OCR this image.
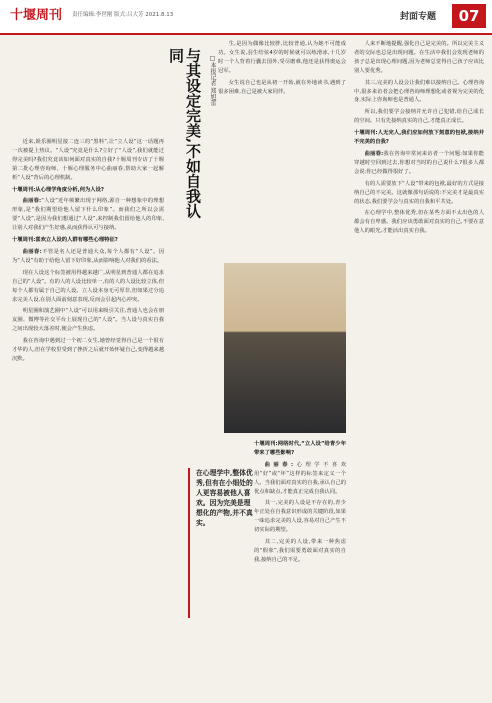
十堰周刊	责任编辑:李世刚 版式:吕大芳 2021.8.13	封面专题	07
与其设定完美,不如自我认同	□本报记者 郑旭蕾

近来,娱乐圈明星接二连三的“黑料”,让“立人设”这一话题再一次被提上热议。“人设”究竟是什么?立好了“人设”,我们就能过得完美吗?我们究竟该如何面对真实的自我?十堰周刊专访了十堰第二批心理咨询师、十堰心理服务中心曲丽春,帮助大家一起解析“人设”背后的心理机制。

十堰周刊:从心理学角度分析,何为人设?

曲丽春:“人设”近年频繁出现于网络,源自一种想象中的理想形象,是“我们期望给他人留下什么印象”。而我们之所以会需要“人设”,是因为我们想通过“人设”,来控制我们留给他人的印象,让别人对我们产生好感,从而获得认可与接纳。

十堰周刊:喜欢立人设的人群有哪些心理特征?

曲丽春:不管是名人还是普通大众,每个人都有“人设”。因为“人设”有助于给他人留下好印象,从而影响他人对我们的看法。

现在人设这个标签被用得越来越广,从明星到普通人都在追求自己的“人设”。有的人的人设比较单一,有的人的人设比较立体,但每个人都有属于自己的人设。立人设本身无可厚非,但如果过分追求完美人设,在别人面前刻意表现,反而会引起内心冲突。

明星圈和演艺圈中“人设”可以用来吸引关注,普通人也会在朋友圈、微博等社交平台上展现自己的“人设”。当人设与真实自我之间出现较大落差时,便会产生焦虑。

我在咨询中遇到过一个初二女生,她曾经觉得自己是一个很有才华的人,但在学校里受到了挫折之后就开始怀疑自己,变得越来越沉默。

生,是因为偶像比较胖,比较普通,认为她不可能成功。女生说,羽生结弦4岁的时候就可以练滑冰,十几岁时一个人背着行囊去国外,受尽磨难,他还是获得奥运会冠军。

女生说自己也是从初一开始,就在外地读书,遇到了很多困难,自己是被大家同伴。

十堰周刊:网络时代,“立人设”给青少年带来了哪些影响?

曲丽春:心理学不喜欢用“好”或“坏”这样的标签来定义一个人。当我们面对真实的自我,承认自己的优点和缺点,才能真正完成自我认同。

其一,完美的人设是不存在的,青少年正处在自我意识形成的关键阶段,如果一味追求完美的人设,容易对自己产生不切实际的期望。

其二,完美的人设,带来一种焦虑的“假象”,我们需要勇敢面对真实的自我,接纳自己的不足。

人来不断地提醒,强化自己是完美的。所以完美主义者的交际也总是出现问题。在生活中我们会发现老师的孩子总是出现心理问题,因为老师总觉得自己孩子应该比别人要优秀。

其三,完美的人设会让我们难以接纳自己。心理咨询中,很多来访者会把心理咨询师理想化或者视为完美的化身,实际上咨询师也是普通人。

所以,我们要学会接纳并允许自己犯错,给自己成长的空间。只有先接纳真实的自己,才能真正成长。

十堰周刊:人无完人,我们应如何放下刻意的包袱,接纳并不完美的自我?

曲丽春:我在咨询中常问来访者一个问题:如果你能穿越时空回到过去,你想对当时的自己说什么?很多人都会说:你已经做得很好了。

有的人需要放下“人设”带来的包袱,最好的方式是接纳自己的不完美。这就像那句话说的:不完美才是最真实的状态,我们要学会与真实的自我和平共处。

在心理学中,整体优秀,但在某些方面不太出色的人都会有自卑感。我们应该勇敢面对真实的自己,不要在意他人的眼光,才能活出真实自我。

曲丽春。
在心理学中,整体优秀,但有在小细处的人更容易被他人喜欢。因为完美是理想化的产物,并不真实。
